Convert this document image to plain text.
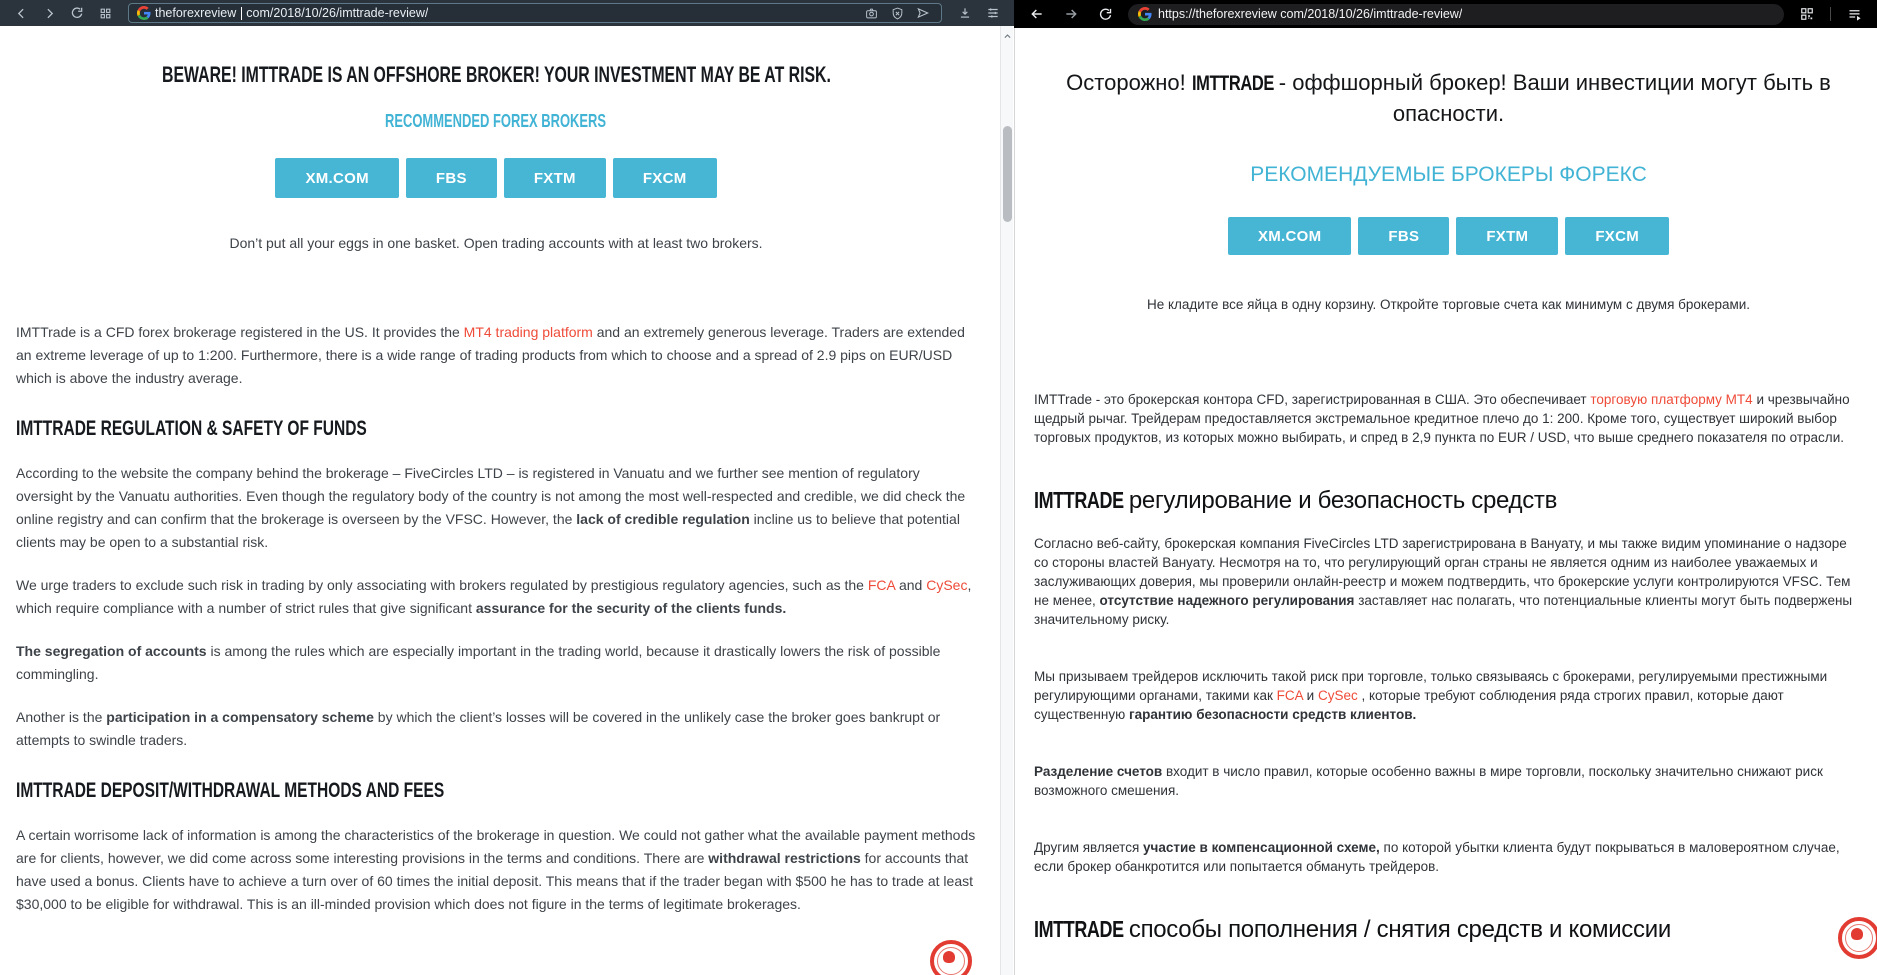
theforexreview com/2018/10/26/imttrade-review/
BEWARE! IMTTRADE IS AN OFFSHORE BROKER! YOUR INVESTMENT MAY BE AT RISK.
RECOMMENDED FOREX BROKERS
XM.COM	FBS	FXTM	FXCM

Don’t put all your eggs in one basket. Open trading accounts with at least two brokers.

IMTTrade is a CFD forex brokerage registered in the US. It provides the MT4 trading platform and an extremely generous leverage. Traders are extended an extreme leverage of up to 1:200. Furthermore, there is a wide range of trading products from which to choose and a spread of 2.9 pips on EUR/USD which is above the industry average.

IMTTRADE REGULATION & SAFETY OF FUNDS

According to the website the company behind the brokerage – FiveCircles LTD – is registered in Vanuatu and we further see mention of regulatory oversight by the Vanuatu authorities. Even though the regulatory body of the country is not among the most well-respected and credible, we did check the online registry and can confirm that the brokerage is overseen by the VFSC. However, the lack of credible regulation incline us to believe that potential clients may be open to a substantial risk.

We urge traders to exclude such risk in trading by only associating with brokers regulated by prestigious regulatory agencies, such as the FCA and CySec, which require compliance with a number of strict rules that give significant assurance for the security of the clients funds.

The segregation of accounts is among the rules which are especially important in the trading world, because it drastically lowers the risk of possible commingling.

Another is the participation in a compensatory scheme by which the client’s losses will be covered in the unlikely case the broker goes bankrupt or attempts to swindle traders.

IMTTRADE DEPOSIT/WITHDRAWAL METHODS AND FEES

A certain worrisome lack of information is among the characteristics of the brokerage in question. We could not gather what the available payment methods are for clients, however, we did come across some interesting provisions in the terms and conditions. There are withdrawal restrictions for accounts that have used a bonus. Clients have to achieve a turn over of 60 times the initial deposit. This means that if the trader began with $500 he has to trade at least $30,000 to be eligible for withdrawal. This is an ill-minded provision which does not figure in the terms of legitimate brokerages.

https://theforexreview com/2018/10/26/imttrade-review/
Осторожно! IMTTRADE - оффшорный брокер! Ваши инвестиции могут быть в опасности.
РЕКОМЕНДУЕМЫЕ БРОКЕРЫ ФОРЕКС
XM.COM	FBS	FXTM	FXCM

Не кладите все яйца в одну корзину. Откройте торговые счета как минимум с двумя брокерами.

IMTTrade - это брокерская контора CFD, зарегистрированная в США. Это обеспечивает торговую платформу MT4 и чрезвычайно щедрый рычаг. Трейдерам предоставляется экстремальное кредитное плечо до 1: 200. Кроме того, существует широкий выбор торговых продуктов, из которых можно выбирать, и спред в 2,9 пункта по EUR / USD, что выше среднего показателя по отрасли.

IMTTRADE регулирование и безопасность средств

Согласно веб-сайту, брокерская компания FiveCircles LTD зарегистрирована в Вануату, и мы также видим упоминание о надзоре со стороны властей Вануату. Несмотря на то, что регулирующий орган страны не является одним из наиболее уважаемых и заслуживающих доверия, мы проверили онлайн-реестр и можем подтвердить, что брокерские услуги контролируются VFSC. Тем не менее, отсутствие надежного регулирования заставляет нас полагать, что потенциальные клиенты могут быть подвержены значительному риску.

Мы призываем трейдеров исключить такой риск при торговле, только связываясь с брокерами, регулируемыми престижными регулирующими органами, такими как FCA и CySec , которые требуют соблюдения ряда строгих правил, которые дают существенную гарантию безопасности средств клиентов.

Разделение счетов входит в число правил, которые особенно важны в мире торговли, поскольку значительно снижают риск возможного смешения.

Другим является участие в компенсационной схеме, по которой убытки клиента будут покрываться в маловероятном случае, если брокер обанкротится или попытается обмануть трейдеров.

IMTTRADE способы пополнения / снятия средств и комиссии
